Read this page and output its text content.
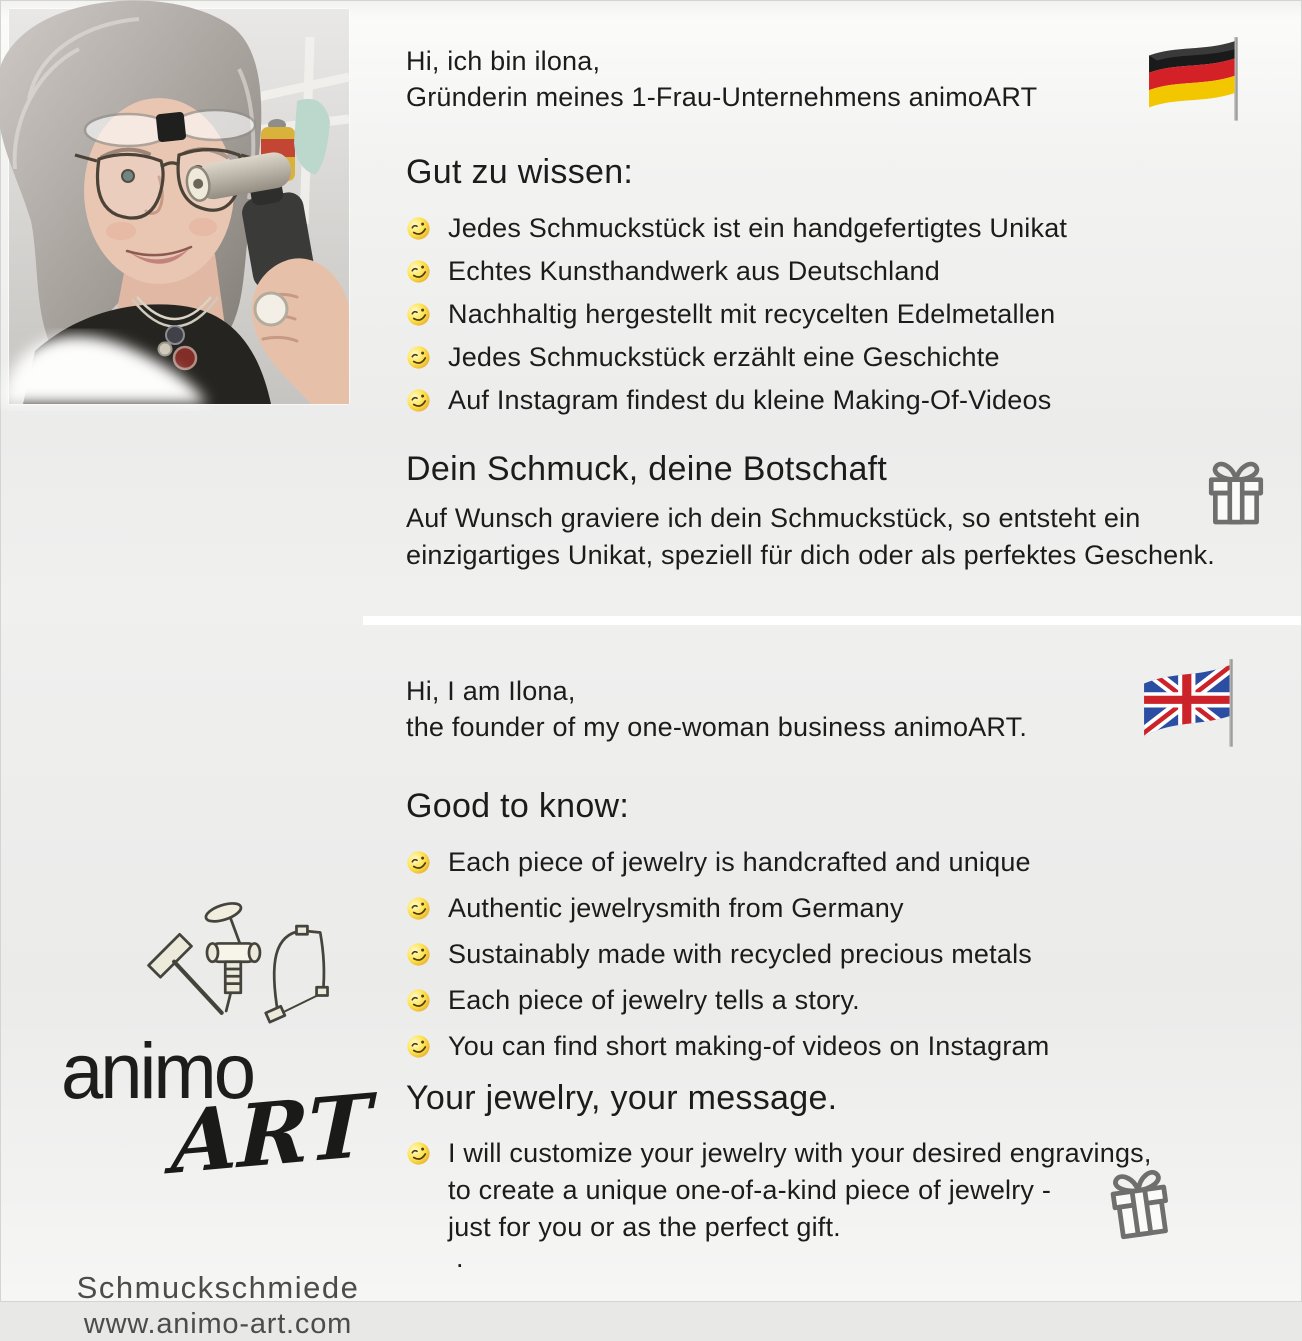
Hi, ich bin ilona,
Gründerin meines 1-Frau-Unternehmens animoART
Gut zu wissen:
Jedes Schmuckstück ist ein handgefertigtes Unikat
Echtes Kunsthandwerk aus Deutschland
Nachhaltig hergestellt mit recycelten Edelmetallen
Jedes Schmuckstück erzählt eine Geschichte
Auf Instagram findest du kleine Making-Of-Videos
Dein Schmuck, deine Botschaft
Auf Wunsch graviere ich dein Schmuckstück, so entsteht ein
einzigartiges Unikat, speziell für dich oder als perfektes Geschenk.
Hi, I am Ilona,
the founder of my one-woman business animoART.
Good to know:
Each piece of jewelry is handcrafted and unique
Authentic jewelrysmith from Germany
Sustainably made with recycled precious metals
Each piece of jewelry tells a story.
You can find short making-of videos on Instagram
Your jewelry, your message.
I will customize your jewelry with your desired engravings,
to create a unique one-of-a-kind piece of jewelry -
just for you or as the perfect gift.
animo
ART
Schmuckschmiede
www.animo-art.com
.
